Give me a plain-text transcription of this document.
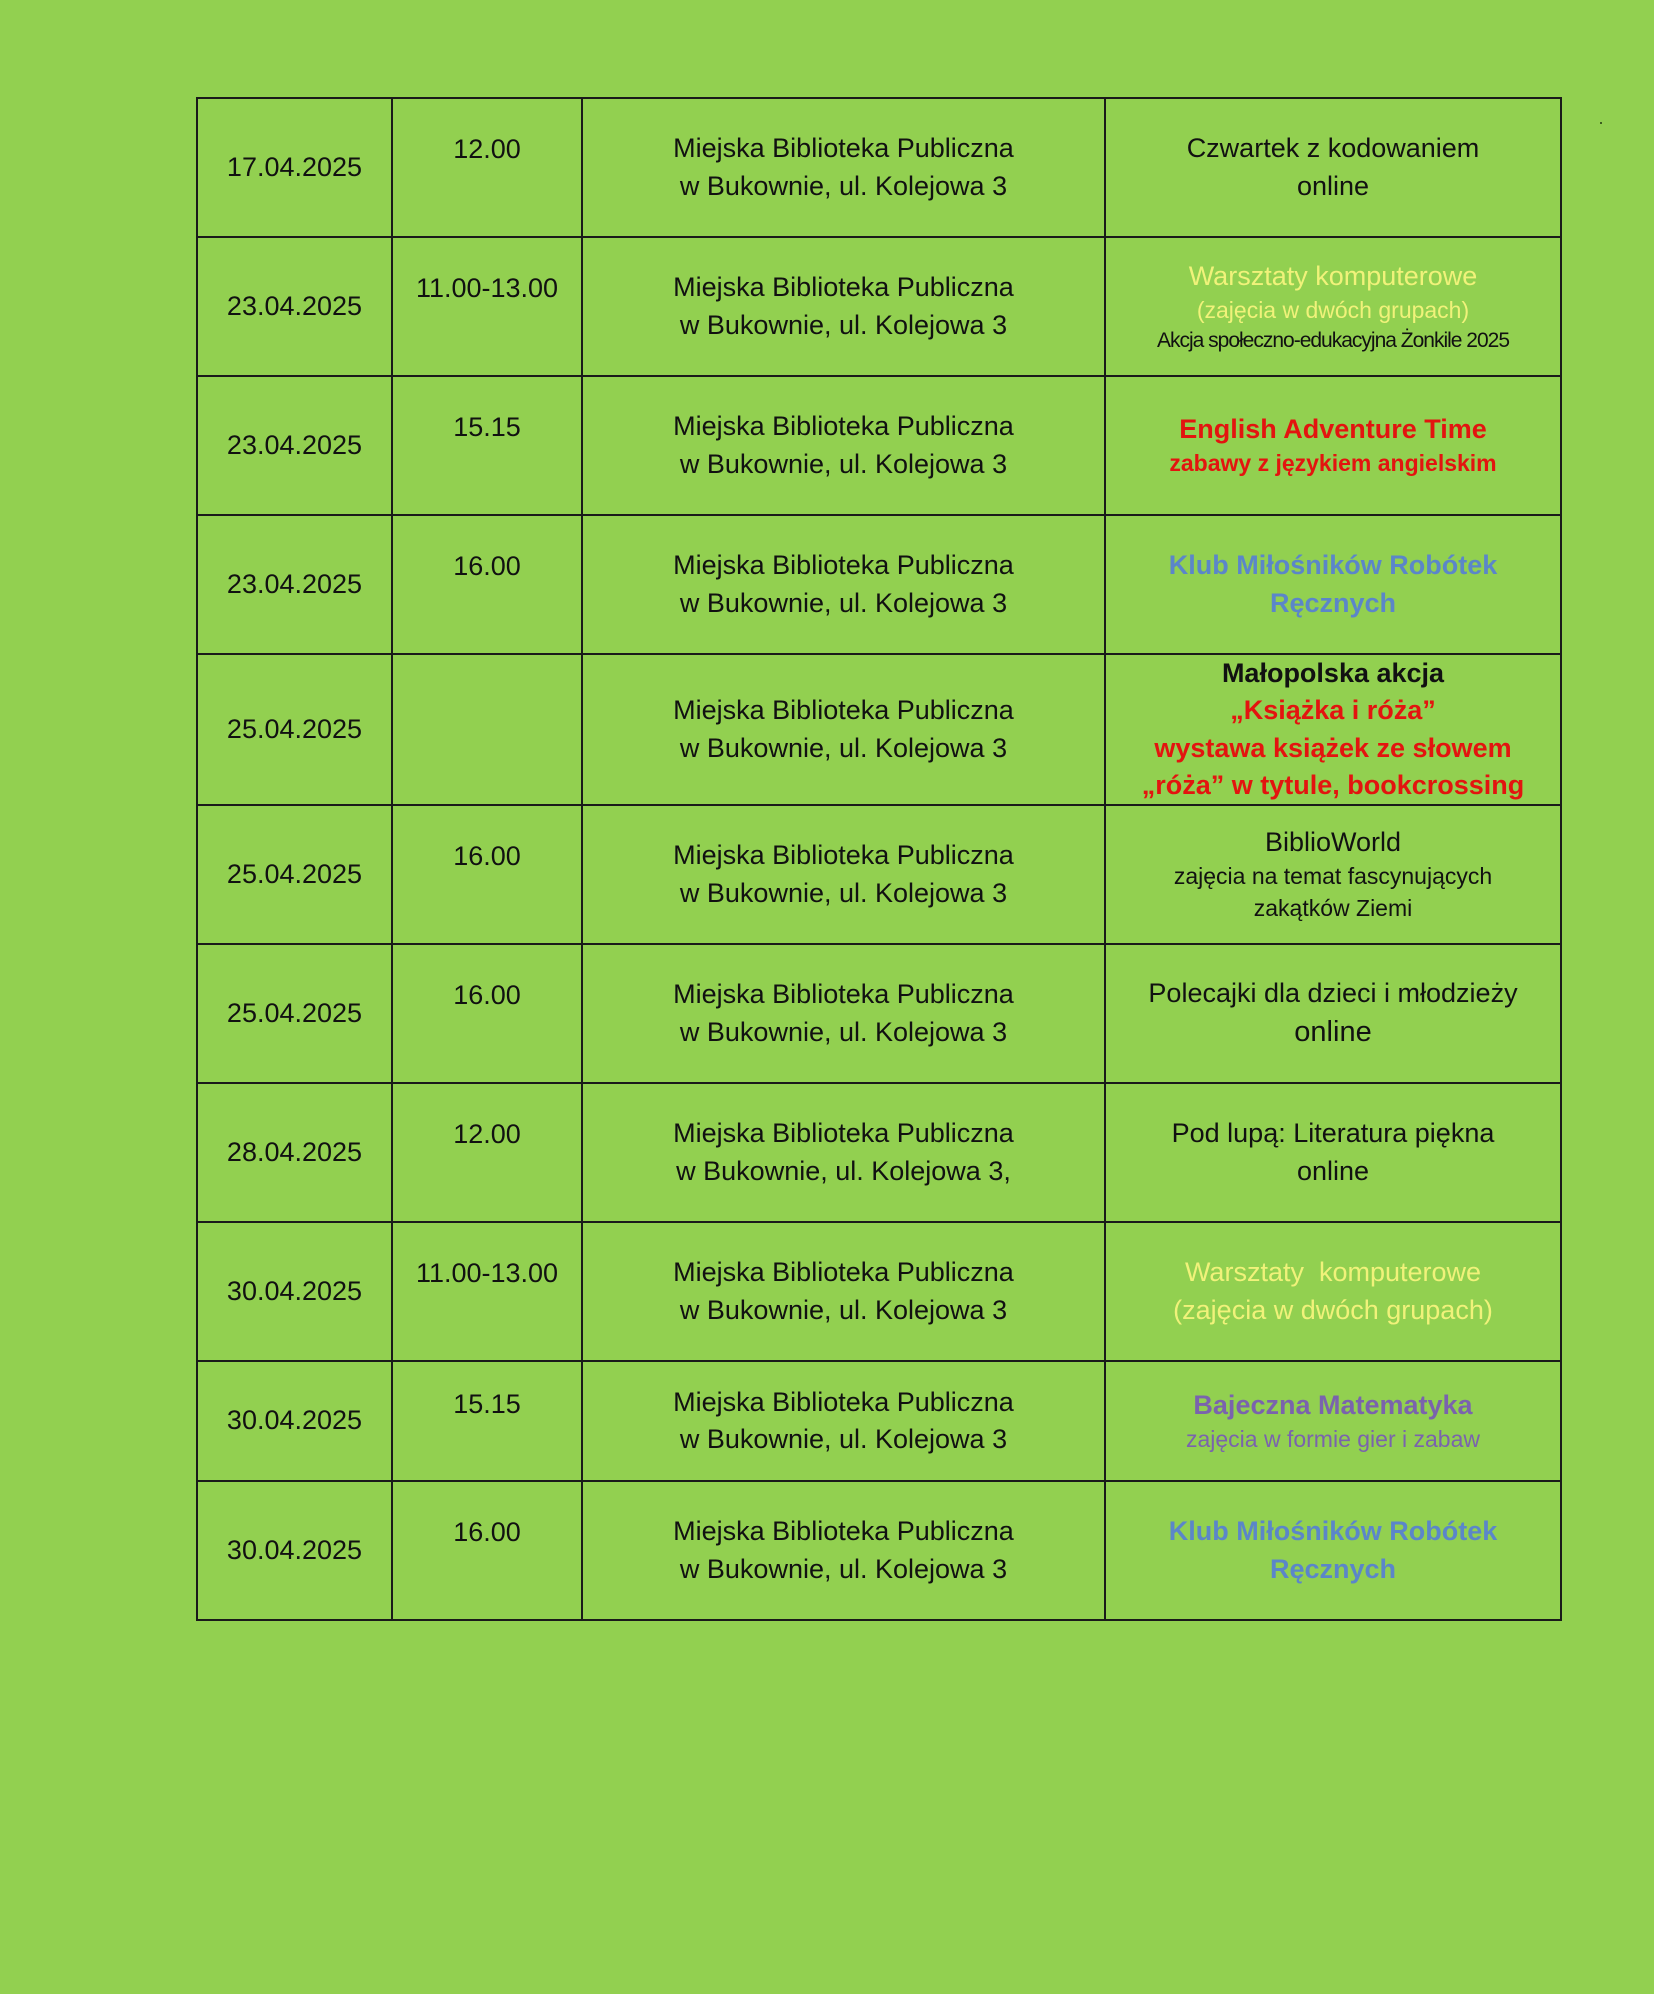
17.04.2025	12.00	Miejska Biblioteka Publiczna
w Bukownie, ul. Kolejowa 3	Czwartek z kodowaniem
online

23.04.2025	11.00-13.00	Miejska Biblioteka Publiczna
w Bukownie, ul. Kolejowa 3	Warsztaty komputerowe
(zajęcia w dwóch grupach)
Akcja społeczno-edukacyjna Żonkile 2025

23.04.2025	15.15	Miejska Biblioteka Publiczna
w Bukownie, ul. Kolejowa 3	English Adventure Time
zabawy z językiem angielskim

23.04.2025	16.00	Miejska Biblioteka Publiczna
w Bukownie, ul. Kolejowa 3	Klub Miłośników Robótek
Ręcznych

25.04.2025		Miejska Biblioteka Publiczna
w Bukownie, ul. Kolejowa 3	Małopolska akcja
„Książka i róża”
wystawa książek ze słowem
„róża” w tytule, bookcrossing

25.04.2025	16.00	Miejska Biblioteka Publiczna
w Bukownie, ul. Kolejowa 3	BiblioWorld
zajęcia na temat fascynujących
zakątków Ziemi

25.04.2025	16.00	Miejska Biblioteka Publiczna
w Bukownie, ul. Kolejowa 3	Polecajki dla dzieci i młodzieży
online

28.04.2025	12.00	Miejska Biblioteka Publiczna
w Bukownie, ul. Kolejowa 3,	Pod lupą: Literatura piękna
online

30.04.2025	11.00-13.00	Miejska Biblioteka Publiczna
w Bukownie, ul. Kolejowa 3	Warsztaty  komputerowe
(zajęcia w dwóch grupach)

30.04.2025	15.15	Miejska Biblioteka Publiczna
w Bukownie, ul. Kolejowa 3	Bajeczna Matematyka
zajęcia w formie gier i zabaw

30.04.2025	16.00	Miejska Biblioteka Publiczna
w Bukownie, ul. Kolejowa 3	Klub Miłośników Robótek
Ręcznych
